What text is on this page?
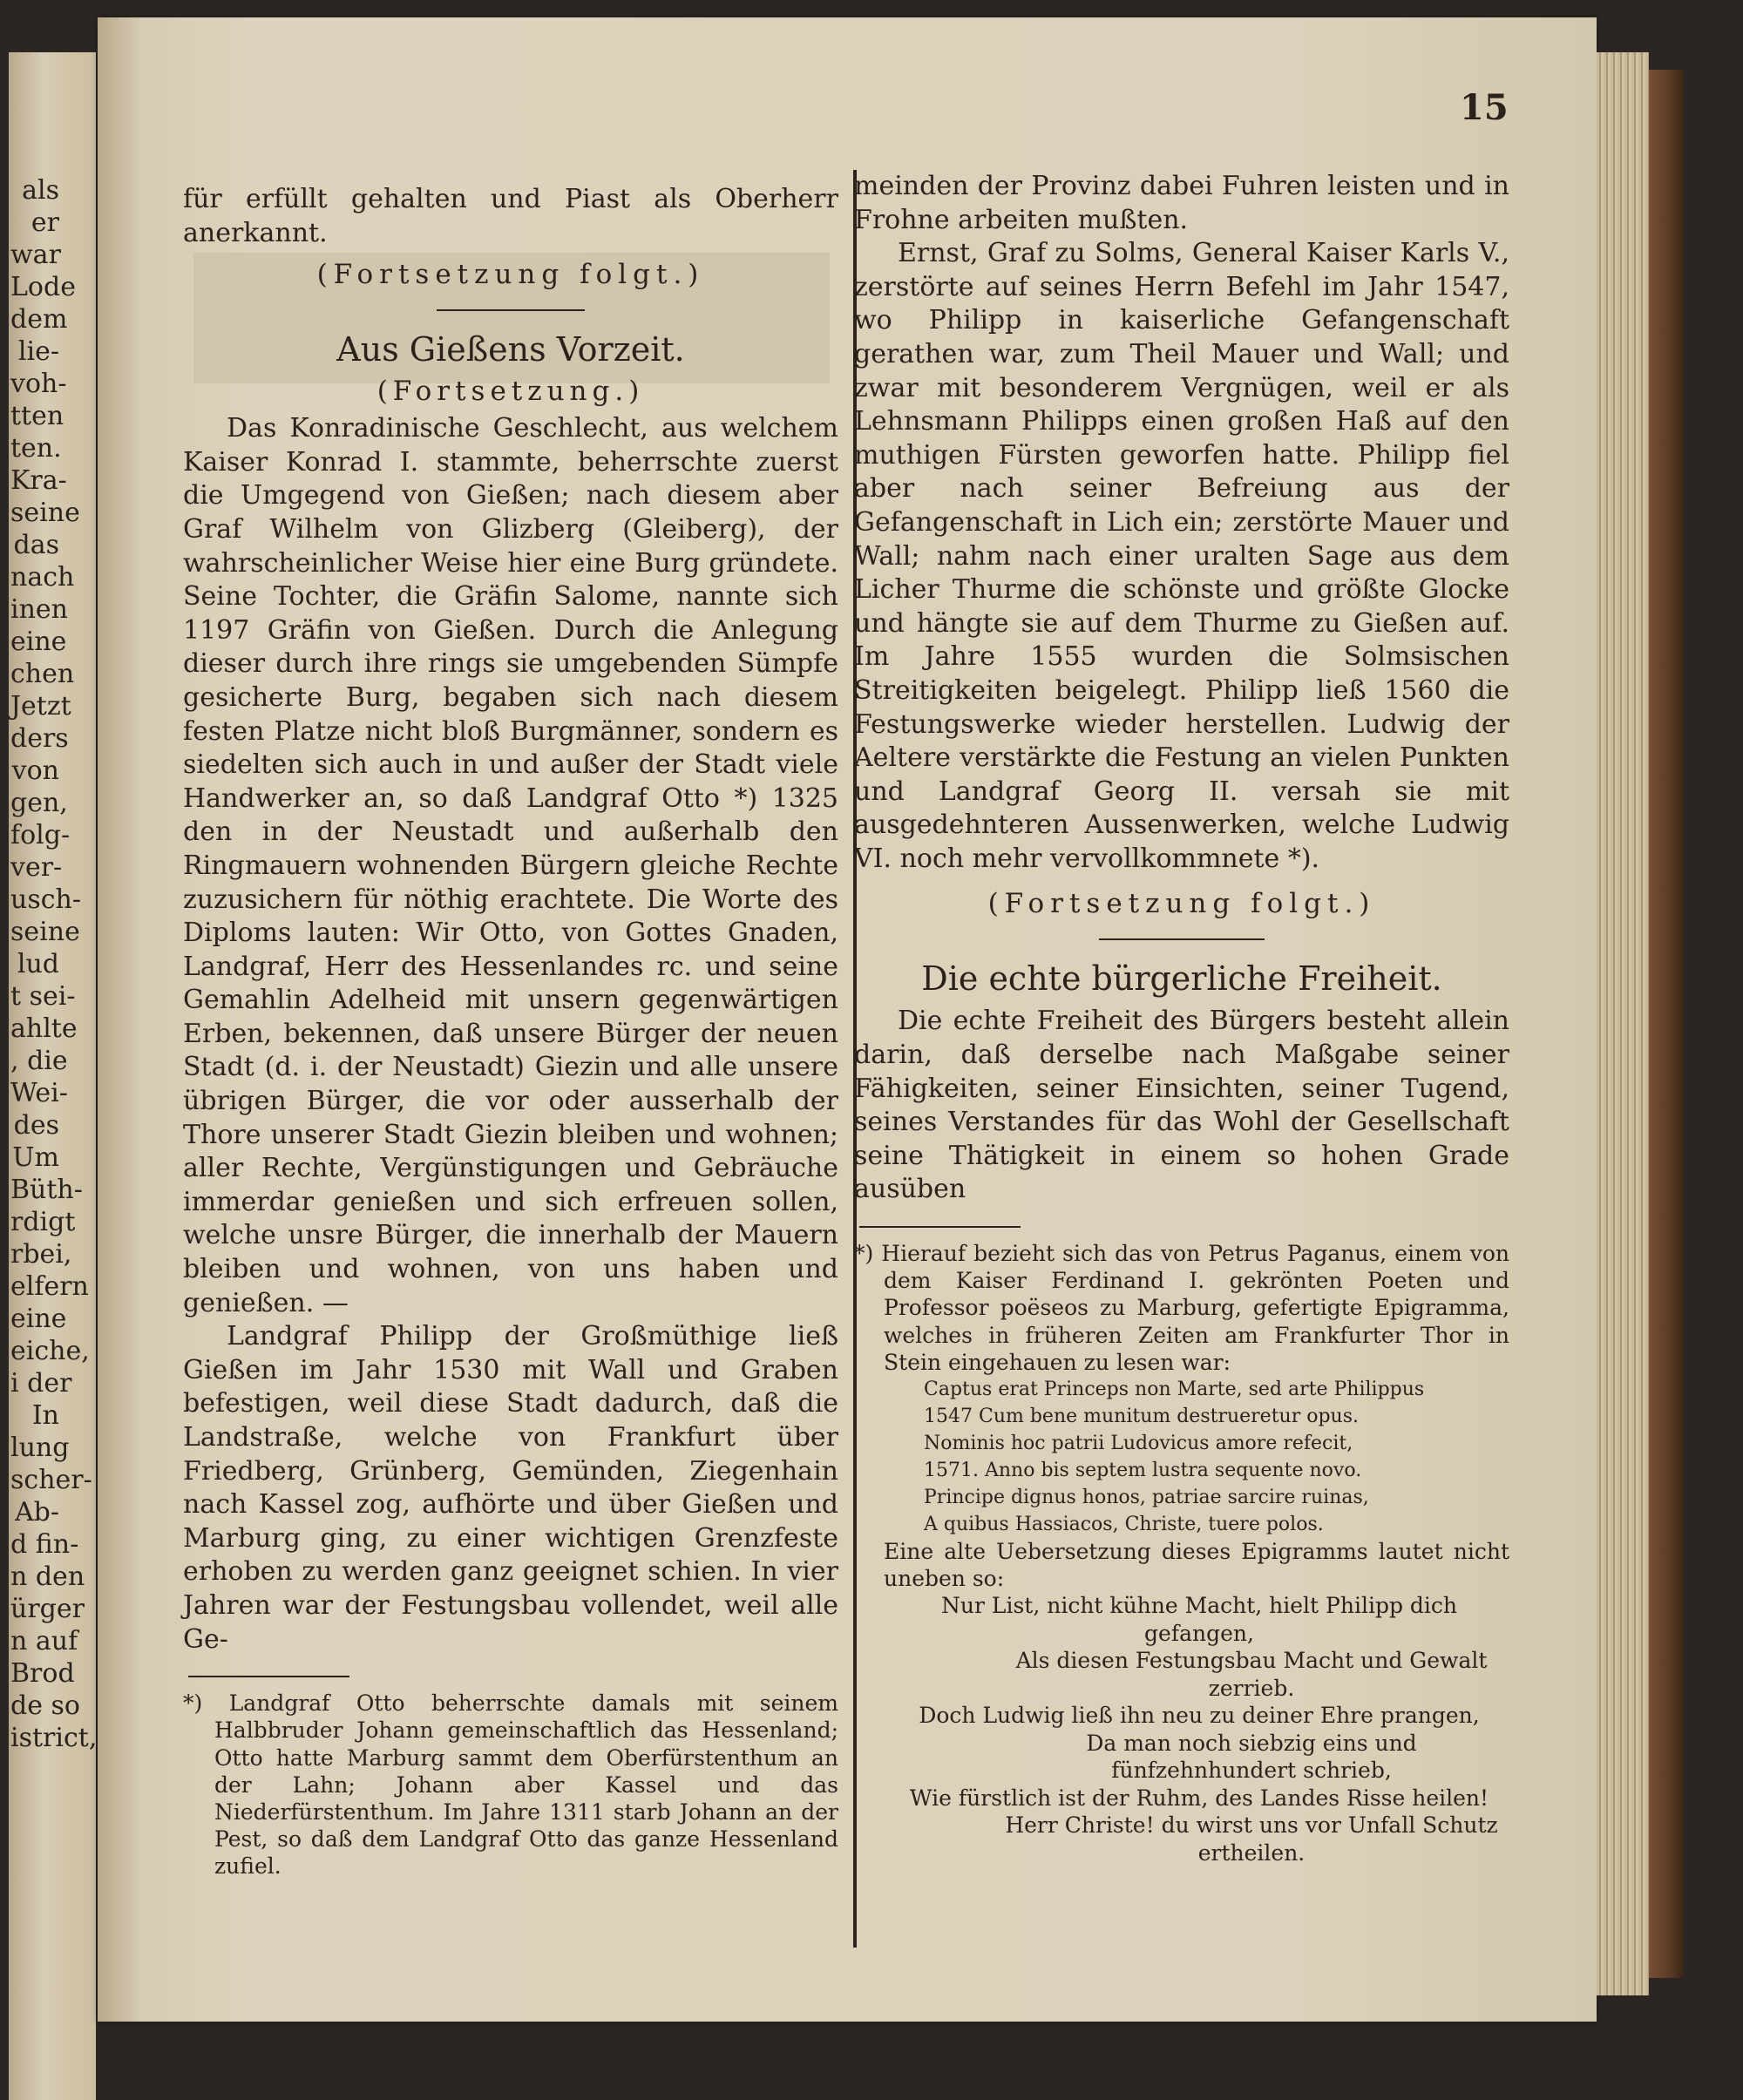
als
er
war
Lode
dem
lie-
voh-
tten
ten.
Kra-
seine
das
nach
inen
eine
chen
Jetzt
ders
von
gen,
folg-
ver-
usch-
seine
lud
t sei-
ahlte
, die
Wei-
des
Um
Büth-
rdigt
rbei,
elfern
eine
eiche,
i der
In
lung
scher-
Ab-
d fin-
n den
ürger
n auf
Brod
de so
istrict,
15

für erfüllt gehalten und Piast als Oberherr anerkannt.

(Fortsetzung folgt.)

Aus Gießens Vorzeit.
(Fortsetzung.)

Das Konradinische Geschlecht, aus welchem Kaiser Konrad I. stammte, beherrschte zuerst die Umgegend von Gießen; nach diesem aber Graf Wilhelm von Glizberg (Gleiberg), der wahrscheinlicher Weise hier eine Burg gründete. Seine Tochter, die Gräfin Salome, nannte sich 1197 Gräfin von Gießen. Durch die Anlegung dieser durch ihre rings sie umgebenden Sümpfe gesicherte Burg, begaben sich nach diesem festen Platze nicht bloß Burgmänner, sondern es siedelten sich auch in und außer der Stadt viele Handwerker an, so daß Landgraf Otto *) 1325 den in der Neustadt und außerhalb den Ringmauern wohnenden Bürgern gleiche Rechte zuzusichern für nöthig erachtete. Die Worte des Diploms lauten: Wir Otto, von Gottes Gnaden, Landgraf, Herr des Hessenlandes rc. und seine Gemahlin Adelheid mit unsern gegenwärtigen Erben, bekennen, daß unsere Bürger der neuen Stadt (d. i. der Neustadt) Giezin und alle unsere übrigen Bürger, die vor oder ausserhalb der Thore unserer Stadt Giezin bleiben und wohnen; aller Rechte, Vergünstigungen und Gebräuche immerdar genießen und sich erfreuen sollen, welche unsre Bürger, die innerhalb der Mauern bleiben und wohnen, von uns haben und genießen. —

Landgraf Philipp der Großmüthige ließ Gießen im Jahr 1530 mit Wall und Graben befestigen, weil diese Stadt dadurch, daß die Landstraße, welche von Frankfurt über Friedberg, Grünberg, Gemünden, Ziegenhain nach Kassel zog, aufhörte und über Gießen und Marburg ging, zu einer wichtigen Grenzfeste erhoben zu werden ganz geeignet schien. In vier Jahren war der Festungsbau vollendet, weil alle Ge-

*) Landgraf Otto beherrschte damals mit seinem Halbbruder Johann gemeinschaftlich das Hessenland; Otto hatte Marburg sammt dem Oberfürstenthum an der Lahn; Johann aber Kassel und das Niederfürstenthum. Im Jahre 1311 starb Johann an der Pest, so daß dem Landgraf Otto das ganze Hessenland zufiel.

meinden der Provinz dabei Fuhren leisten und in Frohne arbeiten mußten.

Ernst, Graf zu Solms, General Kaiser Karls V., zerstörte auf seines Herrn Befehl im Jahr 1547, wo Philipp in kaiserliche Gefangenschaft gerathen war, zum Theil Mauer und Wall; und zwar mit besonderem Vergnügen, weil er als Lehnsmann Philipps einen großen Haß auf den muthigen Fürsten geworfen hatte. Philipp fiel aber nach seiner Befreiung aus der Gefangenschaft in Lich ein; zerstörte Mauer und Wall; nahm nach einer uralten Sage aus dem Licher Thurme die schönste und größte Glocke und hängte sie auf dem Thurme zu Gießen auf. Im Jahre 1555 wurden die Solmsischen Streitigkeiten beigelegt. Philipp ließ 1560 die Festungswerke wieder herstellen. Ludwig der Aeltere verstärkte die Festung an vielen Punkten und Landgraf Georg II. versah sie mit ausgedehnteren Aussenwerken, welche Ludwig VI. noch mehr vervollkommnete *).

(Fortsetzung folgt.)

Die echte bürgerliche Freiheit.

Die echte Freiheit des Bürgers besteht allein darin, daß derselbe nach Maßgabe seiner Fähigkeiten, seiner Einsichten, seiner Tugend, seines Verstandes für das Wohl der Gesellschaft seine Thätigkeit in einem so hohen Grade ausüben

*) Hierauf bezieht sich das von Petrus Paganus, einem von dem Kaiser Ferdinand I. gekrönten Poeten und Professor poëseos zu Marburg, gefertigte Epigramma, welches in früheren Zeiten am Frankfurter Thor in Stein eingehauen zu lesen war:

Captus erat Princeps non Marte, sed arte Philippus

1547 Cum bene munitum destrueretur opus.

Nominis hoc patrii Ludovicus amore refecit,

1571. Anno bis septem lustra sequente novo.

Principe dignus honos, patriae sarcire ruinas,

A quibus Hassiacos, Christe, tuere polos.

Eine alte Uebersetzung dieses Epigramms lautet nicht uneben so:

Nur List, nicht kühne Macht, hielt Philipp dich gefangen,

Als diesen Festungsbau Macht und Gewalt zerrieb.

Doch Ludwig ließ ihn neu zu deiner Ehre prangen,

Da man noch siebzig eins und fünfzehnhundert schrieb,

Wie fürstlich ist der Ruhm, des Landes Risse heilen!

Herr Christe! du wirst uns vor Unfall Schutz ertheilen.
